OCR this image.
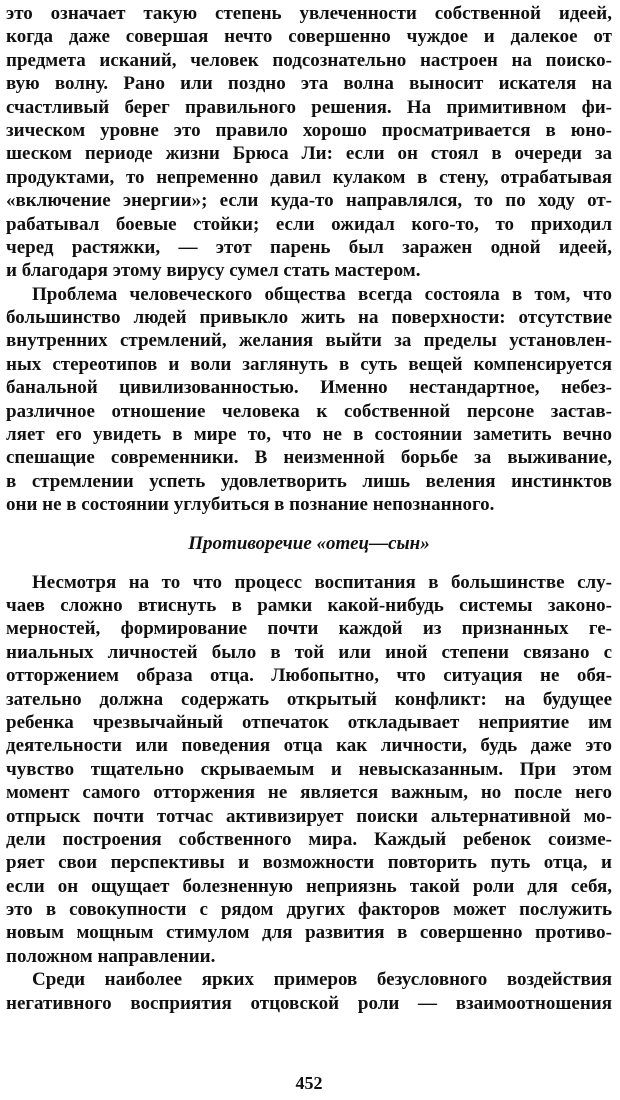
это означает такую степень увлеченности собственной идеей,
когда даже совершая нечто совершенно чуждое и далекое от
предмета исканий, человек подсознательно настроен на поиско-
вую волну. Рано или поздно эта волна выносит искателя на
счастливый берег правильного решения. На примитивном фи-
зическом уровне это правило хорошо просматривается в юно-
шеском периоде жизни Брюса Ли: если он стоял в очереди за
продуктами, то непременно давил кулаком в стену, отрабатывая
«включение энергии»; если куда-то направлялся, то по ходу от-
рабатывал боевые стойки; если ожидал кого-то, то приходил
черед растяжки, — этот парень был заражен одной идеей,
и благодаря этому вирусу сумел стать мастером.
Проблема человеческого общества всегда состояла в том, что
большинство людей привыкло жить на поверхности: отсутствие
внутренних стремлений, желания выйти за пределы установлен-
ных стереотипов и воли заглянуть в суть вещей компенсируется
банальной цивилизованностью. Именно нестандартное, небез-
различное отношение человека к собственной персоне застав-
ляет его увидеть в мире то, что не в состоянии заметить вечно
спешащие современники. В неизменной борьбе за выживание,
в стремлении успеть удовлетворить лишь веления инстинктов
они не в состоянии углубиться в познание непознанного.
Противоречие «отец—сын»
Несмотря на то что процесс воспитания в большинстве слу-
чаев сложно втиснуть в рамки какой-нибудь системы законо-
мерностей, формирование почти каждой из признанных ге-
ниальных личностей было в той или иной степени связано с
отторжением образа отца. Любопытно, что ситуация не обя-
зательно должна содержать открытый конфликт: на будущее
ребенка чрезвычайный отпечаток откладывает неприятие им
деятельности или поведения отца как личности, будь даже это
чувство тщательно скрываемым и невысказанным. При этом
момент самого отторжения не является важным, но после него
отпрыск почти тотчас активизирует поиски альтернативной мо-
дели построения собственного мира. Каждый ребенок соизме-
ряет свои перспективы и возможности повторить путь отца, и
если он ощущает болезненную неприязнь такой роли для себя,
это в совокупности с рядом других факторов может послужить
новым мощным стимулом для развития в совершенно противо-
положном направлении.
Среди наиболее ярких примеров безусловного воздействия
негативного восприятия отцовской роли — взаимоотношения
452
